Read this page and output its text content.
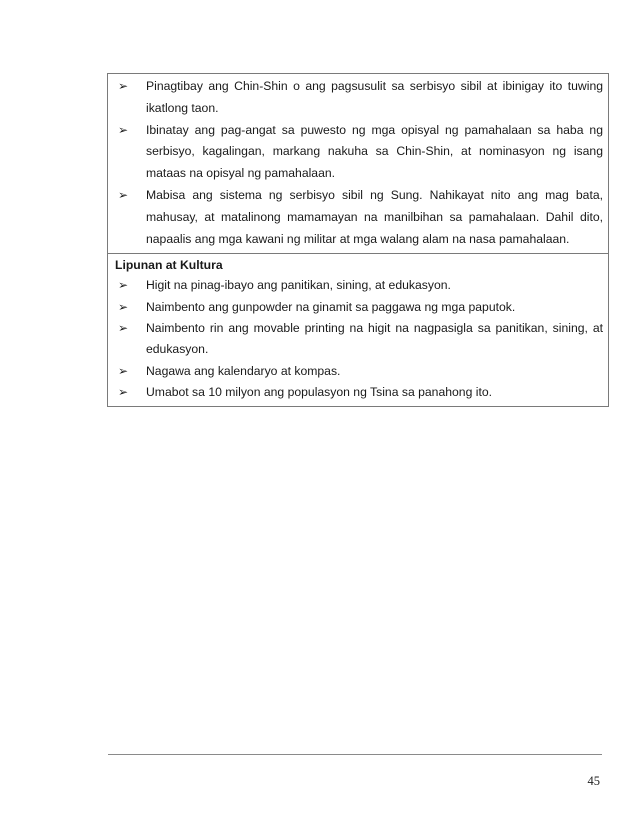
➢ Pinagtibay ang Chin-Shin o ang pagsusulit sa serbisyo sibil at ibinigay ito tuwing ikatlong taon.
➢ Ibinatay ang pag-angat sa puwesto ng mga opisyal ng pamahalaan sa haba ng serbisyo, kagalingan, markang nakuha sa Chin-Shin, at nominasyon ng isang mataas na opisyal ng pamahalaan.
➢ Mabisa ang sistema ng serbisyo sibil ng Sung. Nahikayat nito ang mag bata, mahusay, at matalinong mamamayan na manilbihan sa pamahalaan. Dahil dito, napaalis ang mga kawani ng militar at mga walang alam na nasa pamahalaan.

Lipunan at Kultura

➢ Higit na pinag-ibayo ang panitikan, sining, at edukasyon.
➢ Naimbento ang gunpowder na ginamit sa paggawa ng mga paputok.
➢ Naimbento rin ang movable printing na higit na nagpasigla sa panitikan, sining, at edukasyon.
➢ Nagawa ang kalendaryo at kompas.
➢ Umabot sa 10 milyon ang populasyon ng Tsina sa panahong ito.
45
